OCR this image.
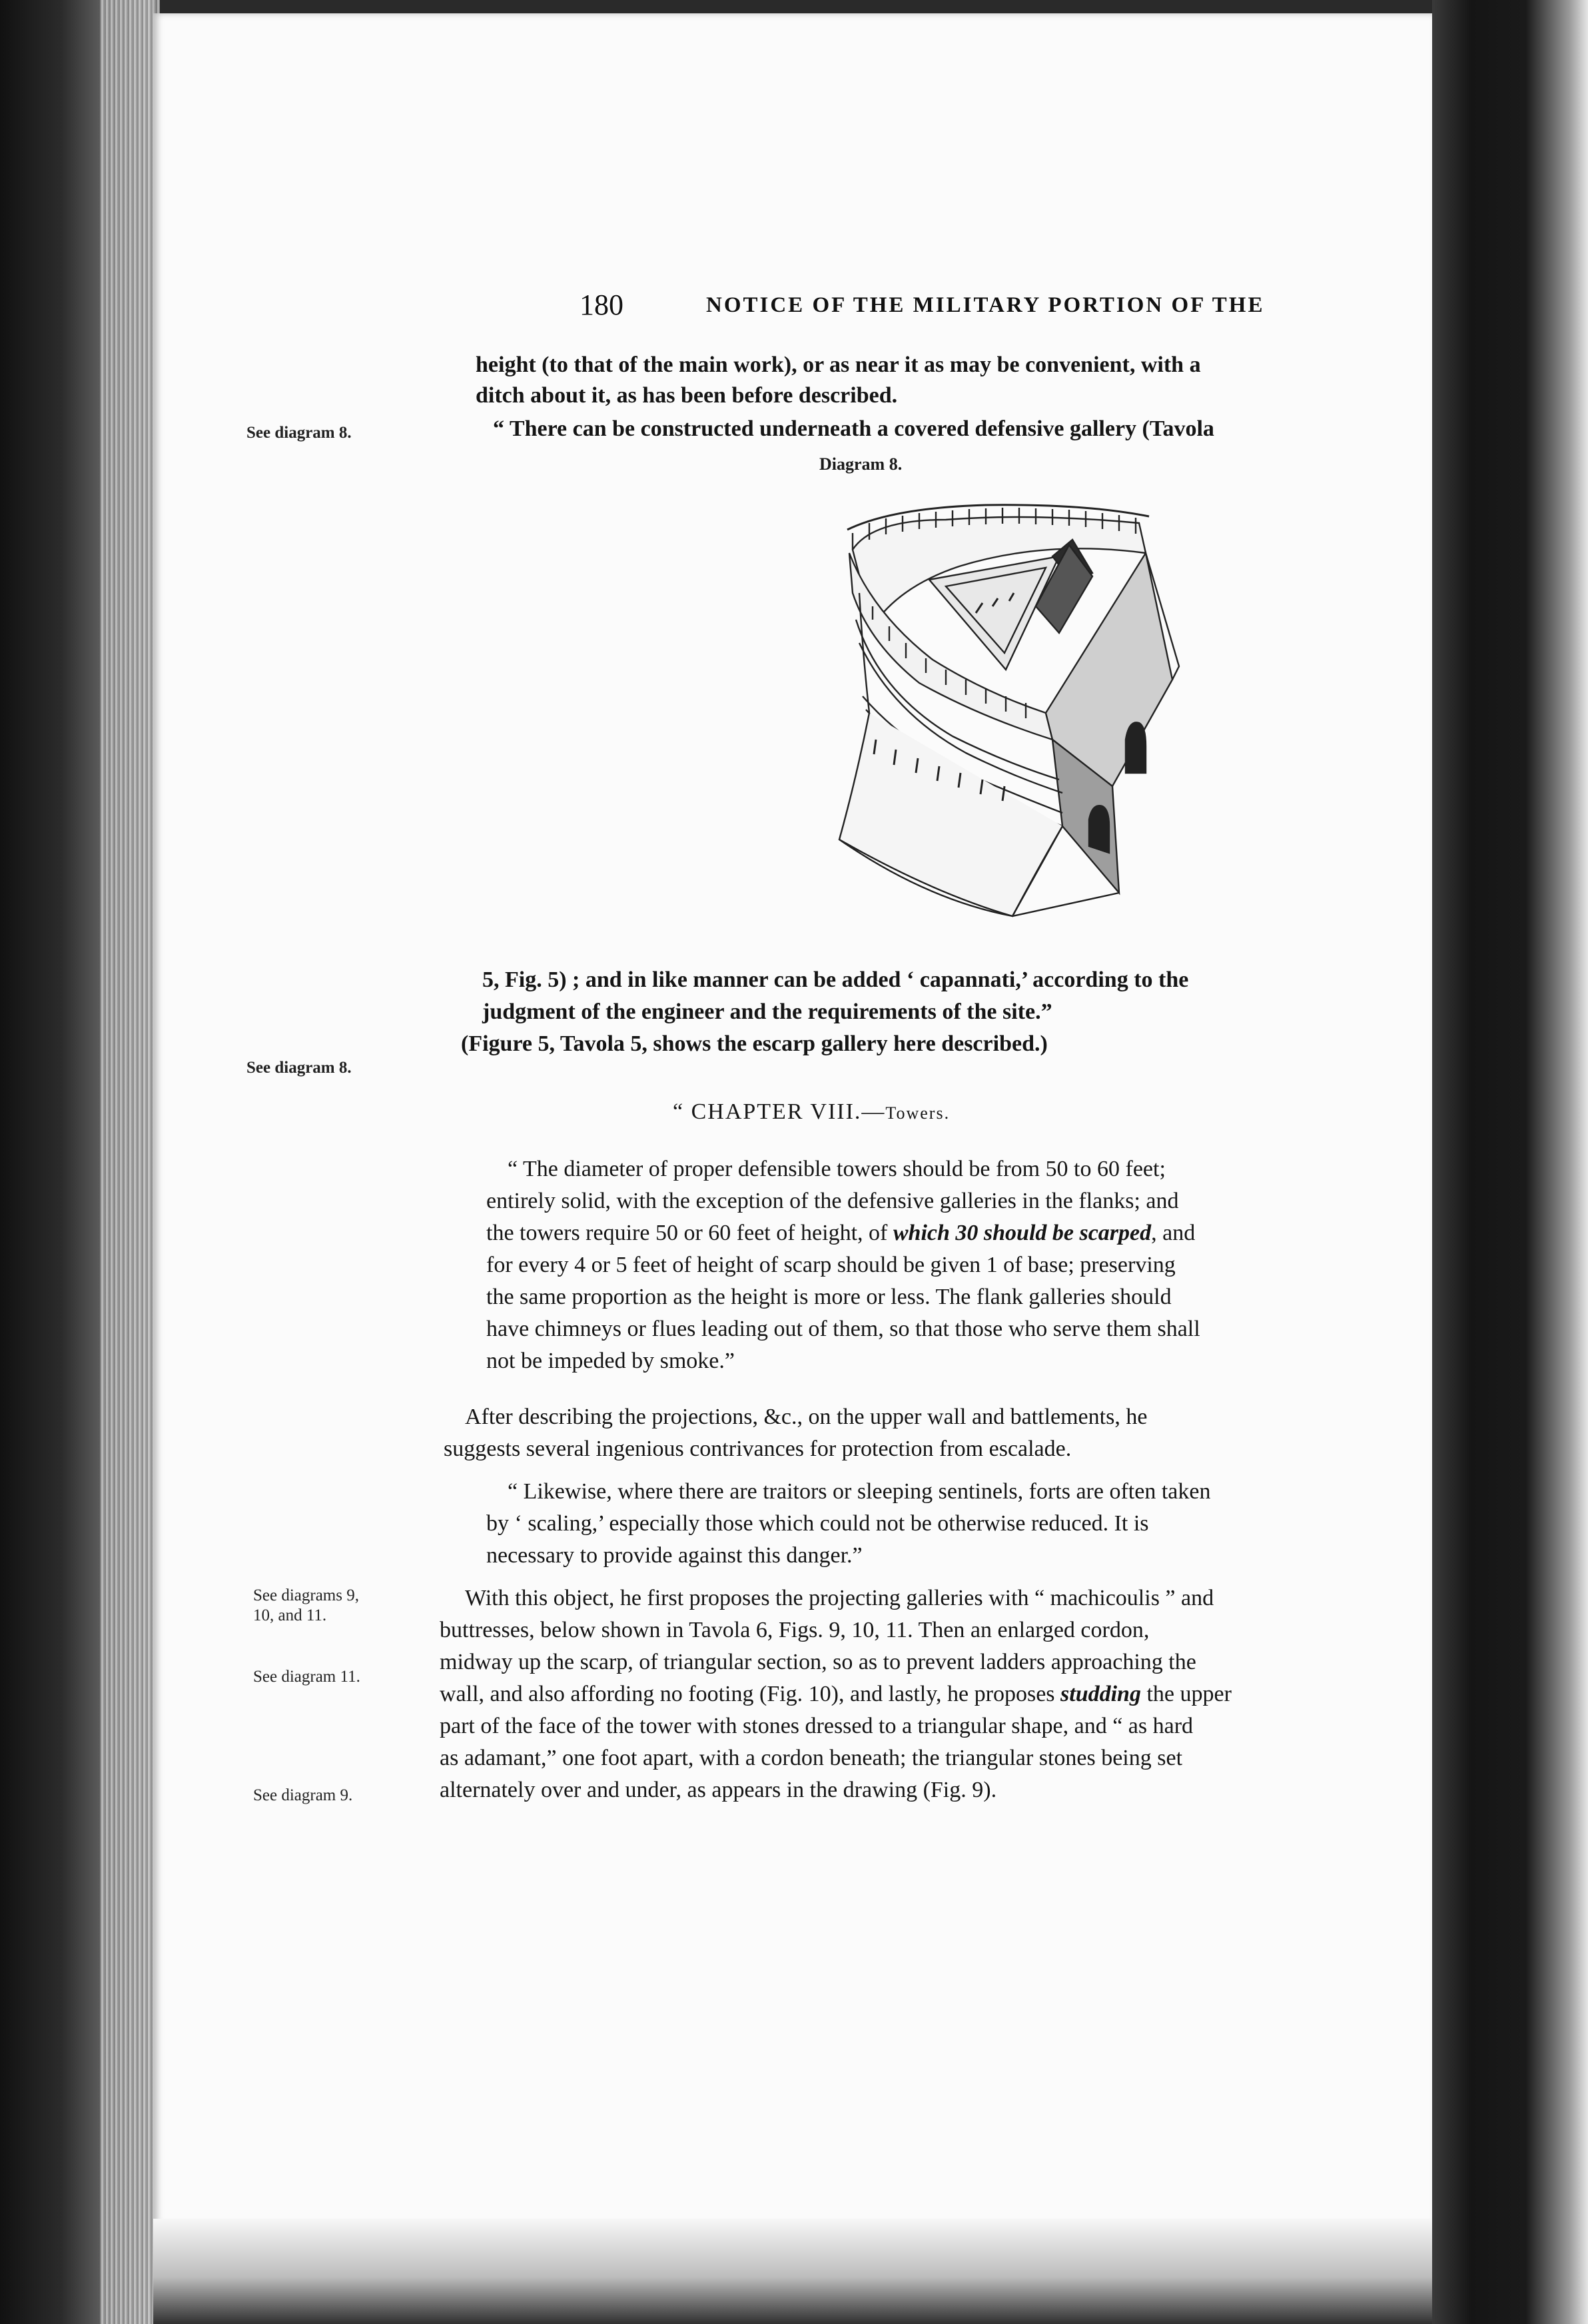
180	NOTICE OF THE MILITARY PORTION OF THE
height (to that of the main work), or as near it as may be convenient, with a
ditch about it, as has been before described.
“ There can be constructed underneath a covered defensive gallery (Tavola
See diagram 8.
Diagram 8.
5, Fig. 5) ; and in like manner can be added ‘ capannati,’ according to the
judgment of the engineer and the requirements of the site.”
(Figure 5, Tavola 5, shows the escarp gallery here described.)
See diagram 8.
“ CHAPTER VIII.—Towers.
“ The diameter of proper defensible towers should be from 50 to 60 feet;
entirely solid, with the exception of the defensive galleries in the flanks; and
the towers require 50 or 60 feet of height, of which 30 should be scarped, and
for every 4 or 5 feet of height of scarp should be given 1 of base; preserving
the same proportion as the height is more or less. The flank galleries should
have chimneys or flues leading out of them, so that those who serve them shall
not be impeded by smoke.”
After describing the projections, &c., on the upper wall and battlements, he
suggests several ingenious contrivances for protection from escalade.
“ Likewise, where there are traitors or sleeping sentinels, forts are often taken
by ‘ scaling,’ especially those which could not be otherwise reduced. It is
necessary to provide against this danger.”
See diagrams 9,
10, and 11.
See diagram 11.
See diagram 9.
With this object, he first proposes the projecting galleries with “ machicoulis ” and
buttresses, below shown in Tavola 6, Figs. 9, 10, 11. Then an enlarged cordon,
midway up the scarp, of triangular section, so as to prevent ladders approaching the
wall, and also affording no footing (Fig. 10), and lastly, he proposes studding the upper
part of the face of the tower with stones dressed to a triangular shape, and “ as hard
as adamant,” one foot apart, with a cordon beneath; the triangular stones being set
alternately over and under, as appears in the drawing (Fig. 9).
